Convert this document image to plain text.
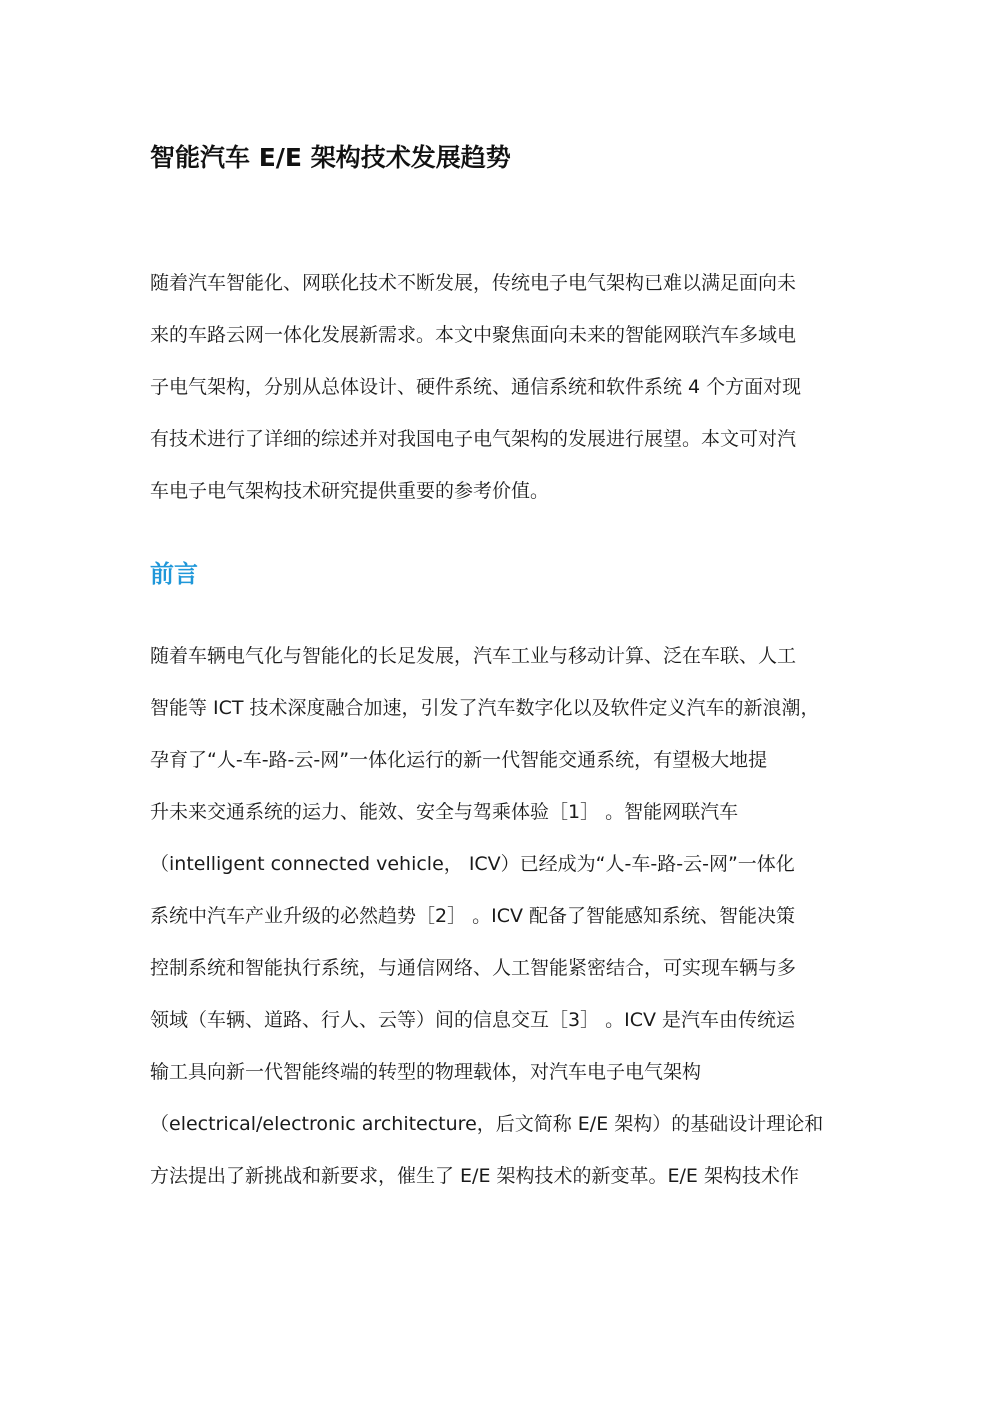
智能汽车 E/E 架构技术发展趋势
随着汽车智能化、网联化技术不断发展，传统电子电气架构已难以满足面向未
来的车路云网一体化发展新需求。本文中聚焦面向未来的智能网联汽车多域电
子电气架构，分别从总体设计、硬件系统、通信系统和软件系统 4 个方面对现
有技术进行了详细的综述并对我国电子电气架构的发展进行展望。本文可对汽
车电子电气架构技术研究提供重要的参考价值。
前言
随着车辆电气化与智能化的长足发展，汽车工业与移动计算、泛在车联、人工
智能等 ICT 技术深度融合加速，引发了汽车数字化以及软件定义汽车的新浪潮，
孕育了“人-车-路-云-网”一体化运行的新一代智能交通系统，有望极大地提
升未来交通系统的运力、能效、安全与驾乘体验［1］ 。智能网联汽车
（intelligent connected vehicle， ICV）已经成为“人-车-路-云-网”一体化
系统中汽车产业升级的必然趋势［2］ 。ICV 配备了智能感知系统、智能决策
控制系统和智能执行系统，与通信网络、人工智能紧密结合，可实现车辆与多
领域（车辆、道路、行人、云等）间的信息交互［3］ 。ICV 是汽车由传统运
输工具向新一代智能终端的转型的物理载体，对汽车电子电气架构
（electrical/electronic architecture，后文简称 E/E 架构）的基础设计理论和
方法提出了新挑战和新要求，催生了 E/E 架构技术的新变革。E/E 架构技术作
